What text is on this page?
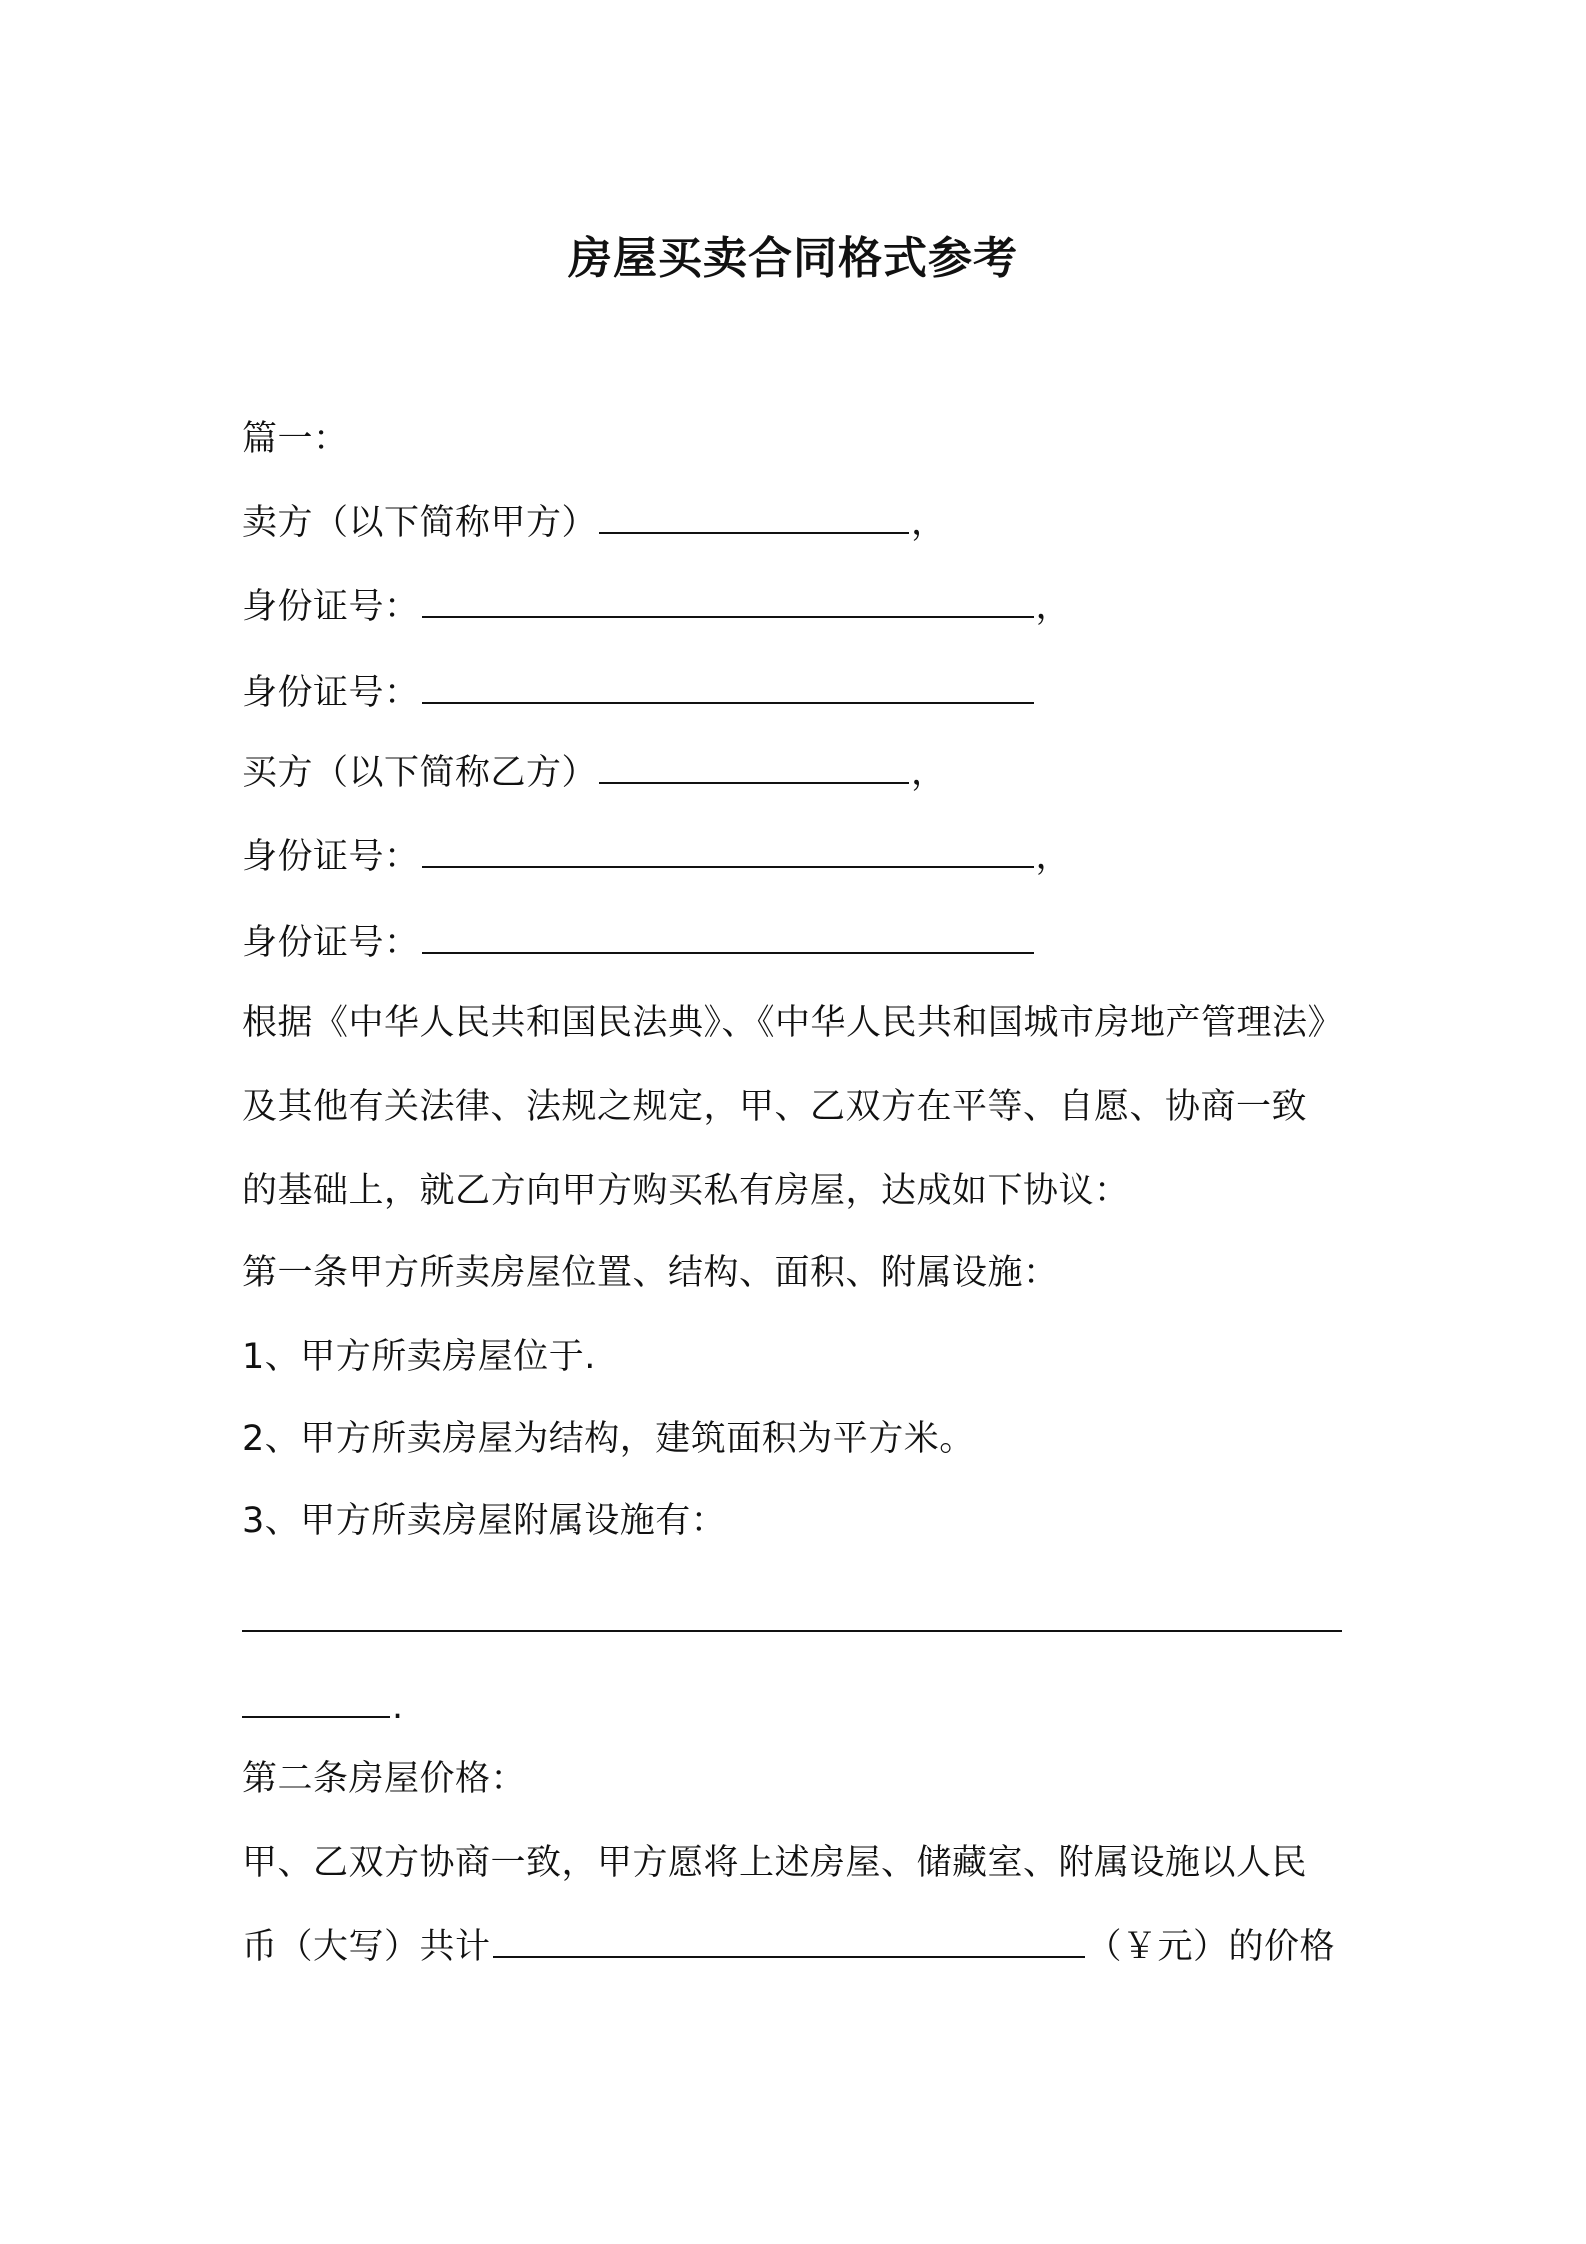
房屋买卖合同格式参考
篇一：
卖方（以下简称甲方）	，
身份证号：	，
身份证号：
买方（以下简称乙方）	，
身份证号：	，
身份证号：
根据《中华人民共和国民法典》、《中华人民共和国城市房地产管理法》
及其他有关法律、法规之规定，甲、乙双方在平等、自愿、协商一致
的基础上，就乙方向甲方购买私有房屋，达成如下协议：
第一条甲方所卖房屋位置、结构、面积、附属设施：
1、甲方所卖房屋位于.
2、甲方所卖房屋为结构，建筑面积为平方米。
3、甲方所卖房屋附属设施有：
.
第二条房屋价格：
甲、乙双方协商一致，甲方愿将上述房屋、储藏室、附属设施以人民
币（大写）共计	（￥元）的价格
